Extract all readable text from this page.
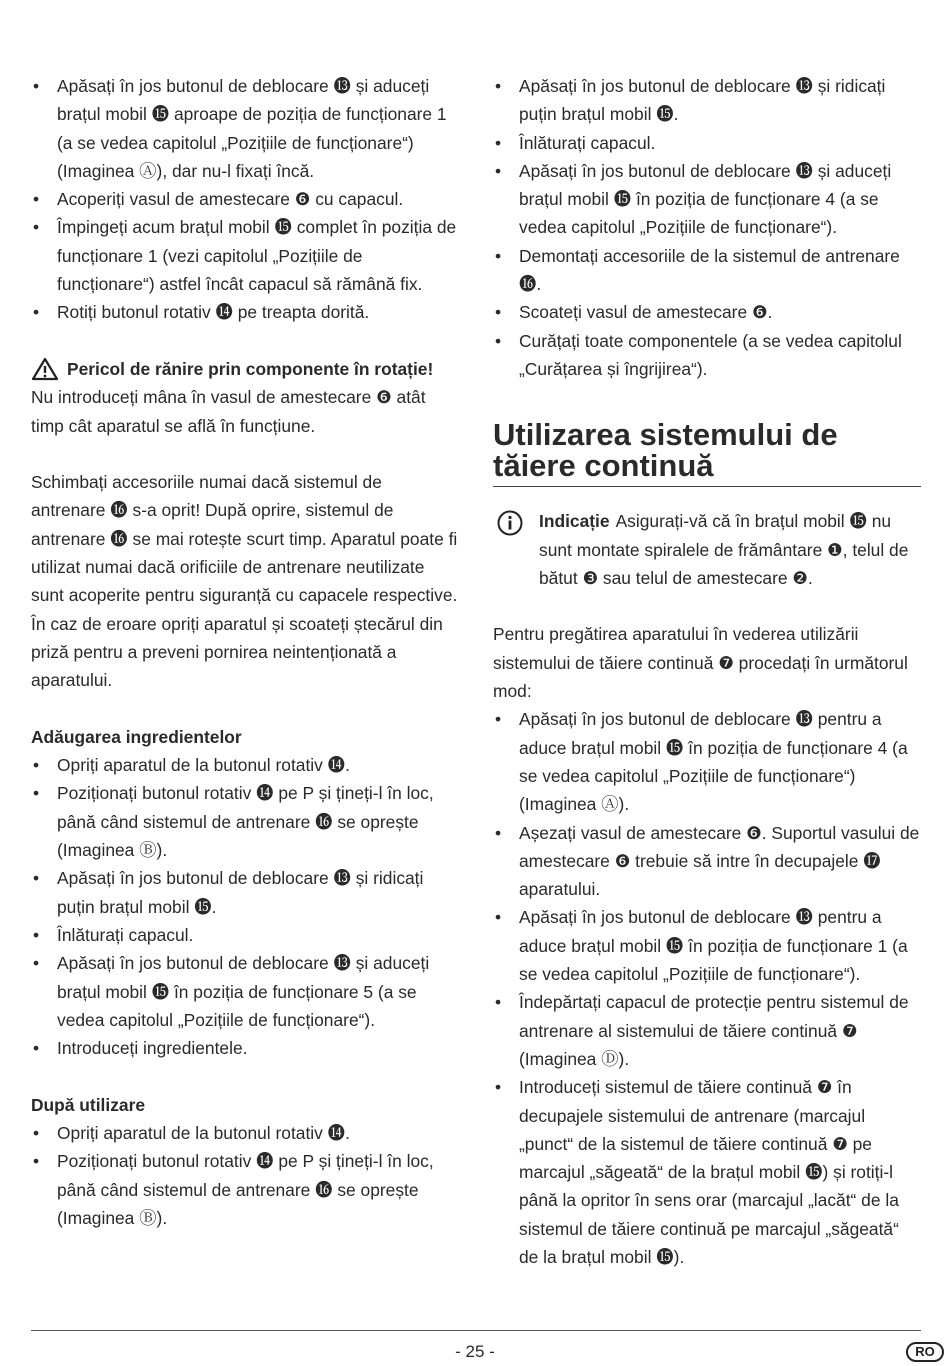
• Apăsați în jos butonul de deblocare ⓭ și aduceți brațul mobil ⓯ aproape de poziția de funcționare 1 (a se vedea capitolul „Pozițiile de funcționare“) (Imaginea Ⓐ), dar nu-l fixați încă.
• Acoperiți vasul de amestecare ❻ cu capacul.
• Împingeți acum brațul mobil ⓯ complet în poziția de funcționare 1 (vezi capitolul „Pozițiile de funcționare“) astfel încât capacul să rămână fix.
• Rotiți butonul rotativ ⓮ pe treapta dorită.
Pericol de rănire prin componente în rotație!

Nu introduceți mâna în vasul de amestecare ❻ atât timp cât aparatul se află în funcțiune.

Schimbați accesoriile numai dacă sistemul de antrenare ⓰ s-a oprit! După oprire, sistemul de antrenare ⓰ se mai rotește scurt timp. Aparatul poate fi utilizat numai dacă orificiile de antrenare neutilizate sunt acoperite pentru siguranță cu capacele respective.

În caz de eroare opriți aparatul și scoateți ștecărul din priză pentru a preveni pornirea neintenționată a aparatului.

Adăugarea ingredientelor

• Opriți aparatul de la butonul rotativ ⓮.
• Poziționați butonul rotativ ⓮ pe P și țineți-l în loc, până când sistemul de antrenare ⓰ se oprește (Imaginea Ⓑ).
• Apăsați în jos butonul de deblocare ⓭ și ridicați puțin brațul mobil ⓯.
• Înlăturați capacul.
• Apăsați în jos butonul de deblocare ⓭ și aduceți brațul mobil ⓯ în poziția de funcționare 5 (a se vedea capitolul „Pozițiile de funcționare“).
• Introduceți ingredientele.

După utilizare

• Opriți aparatul de la butonul rotativ ⓮.
• Poziționați butonul rotativ ⓮ pe P și țineți-l în loc, până când sistemul de antrenare ⓰ se oprește (Imaginea Ⓑ).
• Apăsați în jos butonul de deblocare ⓭ și ridicați puțin brațul mobil ⓯.
• Înlăturați capacul.
• Apăsați în jos butonul de deblocare ⓭ și aduceți brațul mobil ⓯ în poziția de funcționare 4 (a se vedea capitolul „Pozițiile de funcționare“).
• Demontați accesoriile de la sistemul de antrenare ⓰.
• Scoateți vasul de amestecare ❻.
• Curățați toate componentele (a se vedea capitolul „Curățarea și îngrijirea“).
Utilizarea sistemului de tăiere continuă
Indicație Asigurați-vă că în brațul mobil ⓯ nu sunt montate spiralele de frământare ❶, telul de bătut ❸ sau telul de amestecare ❷.

Pentru pregătirea aparatului în vederea utilizării sistemului de tăiere continuă ❼ procedați în următorul mod:

• Apăsați în jos butonul de deblocare ⓭ pentru a aduce brațul mobil ⓯ în poziția de funcționare 4 (a se vedea capitolul „Pozițiile de funcționare“) (Imaginea Ⓐ).
• Așezați vasul de amestecare ❻. Suportul vasului de amestecare ❻ trebuie să intre în decupajele ⓱ aparatului.
• Apăsați în jos butonul de deblocare ⓭ pentru a aduce brațul mobil ⓯ în poziția de funcționare 1 (a se vedea capitolul „Pozițiile de funcționare“).
• Îndepărtați capacul de protecție pentru sistemul de antrenare al sistemului de tăiere continuă ❼ (Imaginea Ⓓ).
• Introduceți sistemul de tăiere continuă ❼ în decupajele sistemului de antrenare (marcajul „punct“ de la sistemul de tăiere continuă ❼ pe marcajul „săgeată“ de la brațul mobil ⓯) și rotiți-l până la opritor în sens orar (marcajul „lacăt“ de la sistemul de tăiere continuă pe marcajul „săgeată“ de la brațul mobil ⓯).
- 25 -	RO
